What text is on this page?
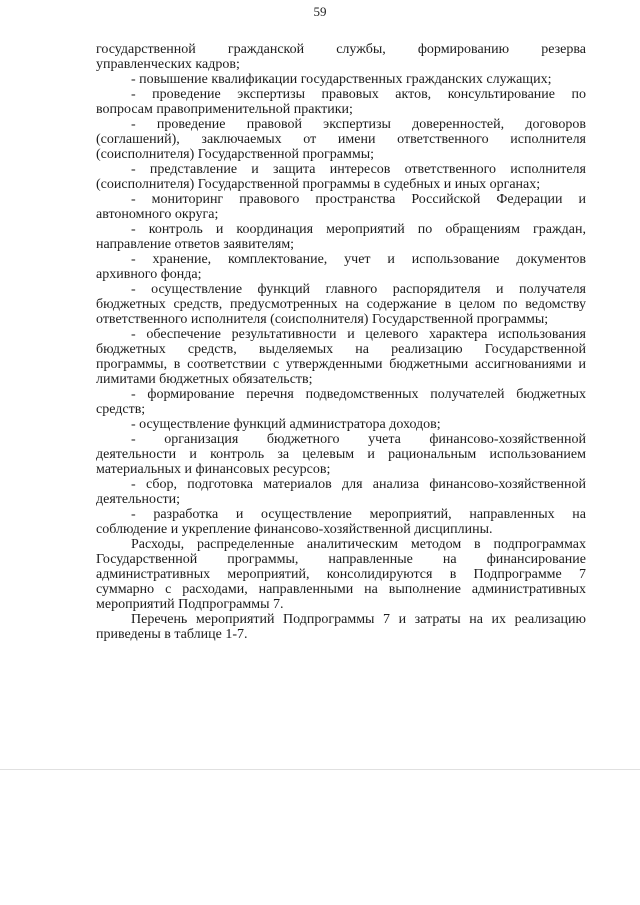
59
государственной гражданской службы, формированию резерва
управленческих кадров;
- повышение квалификации государственных гражданских служащих;
- проведение экспертизы правовых актов, консультирование по
вопросам правоприменительной практики;
- проведение правовой экспертизы доверенностей, договоров
(соглашений), заключаемых от имени ответственного исполнителя
(соисполнителя) Государственной программы;
- представление и защита интересов ответственного исполнителя
(соисполнителя) Государственной программы в судебных и иных органах;
- мониторинг правового пространства Российской Федерации и
автономного округа;
- контроль и координация мероприятий по обращениям граждан,
направление ответов заявителям;
- хранение, комплектование, учет и использование документов
архивного фонда;
- осуществление функций главного распорядителя и получателя
бюджетных средств, предусмотренных на содержание в целом по ведомству
ответственного исполнителя (соисполнителя) Государственной программы;
- обеспечение результативности и целевого характера использования
бюджетных средств, выделяемых на реализацию Государственной
программы, в соответствии с утвержденными бюджетными ассигнованиями и
лимитами бюджетных обязательств;
- формирование перечня подведомственных получателей бюджетных
средств;
- осуществление функций администратора доходов;
- организация бюджетного учета финансово-хозяйственной
деятельности и контроль за целевым и рациональным использованием
материальных и финансовых ресурсов;
- сбор, подготовка материалов для анализа финансово-хозяйственной
деятельности;
- разработка и осуществление мероприятий, направленных на
соблюдение и укрепление финансово-хозяйственной дисциплины.
Расходы, распределенные аналитическим методом в подпрограммах
Государственной программы, направленные на финансирование
административных мероприятий, консолидируются в Подпрограмме 7
суммарно с расходами, направленными на выполнение административных
мероприятий Подпрограммы 7.
Перечень мероприятий Подпрограммы 7 и затраты на их реализацию
приведены в таблице 1-7.
